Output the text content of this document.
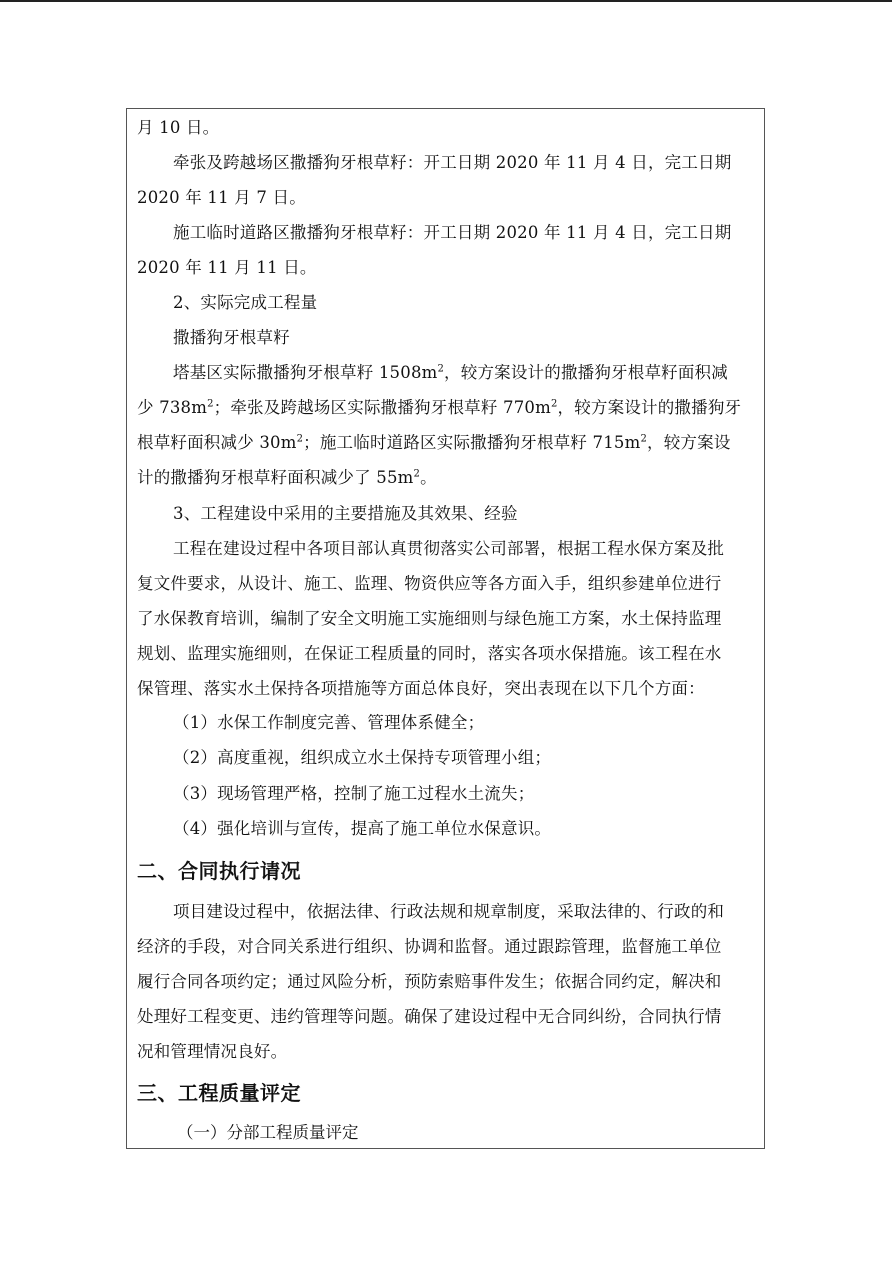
月 10 日。
牵张及跨越场区撒播狗牙根草籽：开工日期 2020 年 11 月 4 日，完工日期
2020 年 11 月 7 日。
施工临时道路区撒播狗牙根草籽：开工日期 2020 年 11 月 4 日，完工日期
2020 年 11 月 11 日。
2、实际完成工程量
撒播狗牙根草籽
塔基区实际撒播狗牙根草籽 $1508m^2$，较方案设计的撒播狗牙根草籽面积减
少 $738m^2$；牵张及跨越场区实际撒播狗牙根草籽 $770m^2$，较方案设计的撒播狗牙
根草籽面积减少 $30m^2$；施工临时道路区实际撒播狗牙根草籽 $715m^2$，较方案设
计的撒播狗牙根草籽面积减少了 $55m^2$。
3、工程建设中采用的主要措施及其效果、经验
工程在建设过程中各项目部认真贯彻落实公司部署，根据工程水保方案及批
复文件要求，从设计、施工、监理、物资供应等各方面入手，组织参建单位进行
了水保教育培训，编制了安全文明施工实施细则与绿色施工方案，水土保持监理
规划、监理实施细则，在保证工程质量的同时，落实各项水保措施。该工程在水
保管理、落实水土保持各项措施等方面总体良好，突出表现在以下几个方面：
（1）水保工作制度完善、管理体系健全；
（2）高度重视，组织成立水土保持专项管理小组；
（3）现场管理严格，控制了施工过程水土流失；
（4）强化培训与宣传，提高了施工单位水保意识。
二、合同执行请况
项目建设过程中，依据法律、行政法规和规章制度，采取法律的、行政的和
经济的手段，对合同关系进行组织、协调和监督。通过跟踪管理，监督施工单位
履行合同各项约定；通过风险分析，预防索赔事件发生；依据合同约定，解决和
处理好工程变更、违约管理等问题。确保了建设过程中无合同纠纷，合同执行情
况和管理情况良好。
三、工程质量评定
（一）分部工程质量评定
